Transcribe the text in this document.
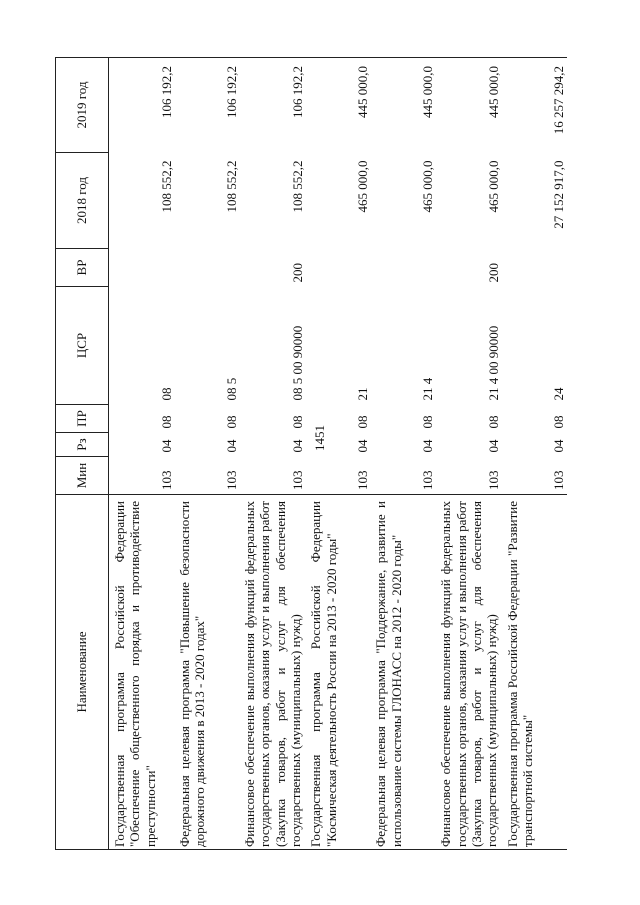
1451
Наименование	Мин	Рз	ПР	ЦСР	ВР	2018 год	2019 год
Государственная программа Российской Федерации "Обеспечение общественного порядка и противодействие преступности"	103	04	08	08		108 552,2	106 192,2
Федеральная целевая программа "Повышение безопасности дорожного движения в 2013 - 2020 годах"	103	04	08	08 5		108 552,2	106 192,2
Финансовое обеспечение выполнения функций федеральных государственных органов, оказания услуг и выполнения работ (Закупка товаров, работ и услуг для обеспечения государственных (муниципальных) нужд)	103	04	08	08 5 00 90000	200	108 552,2	106 192,2
Государственная программа Российской Федерации "Космическая деятельность России на 2013 - 2020 годы"	103	04	08	21		465 000,0	445 000,0
Федеральная целевая программа "Поддержание, развитие и использование системы ГЛОНАСС на 2012 - 2020 годы"	103	04	08	21 4		465 000,0	445 000,0
Финансовое обеспечение выполнения функций федеральных государственных органов, оказания услуг и выполнения работ (Закупка товаров, работ и услуг для обеспечения государственных (муниципальных) нужд)	103	04	08	21 4 00 90000	200	465 000,0	445 000,0
Государственная программа Российской Федерации "Развитие транспортной системы"	103	04	08	24		27 152 917,0	16 257 294,2
